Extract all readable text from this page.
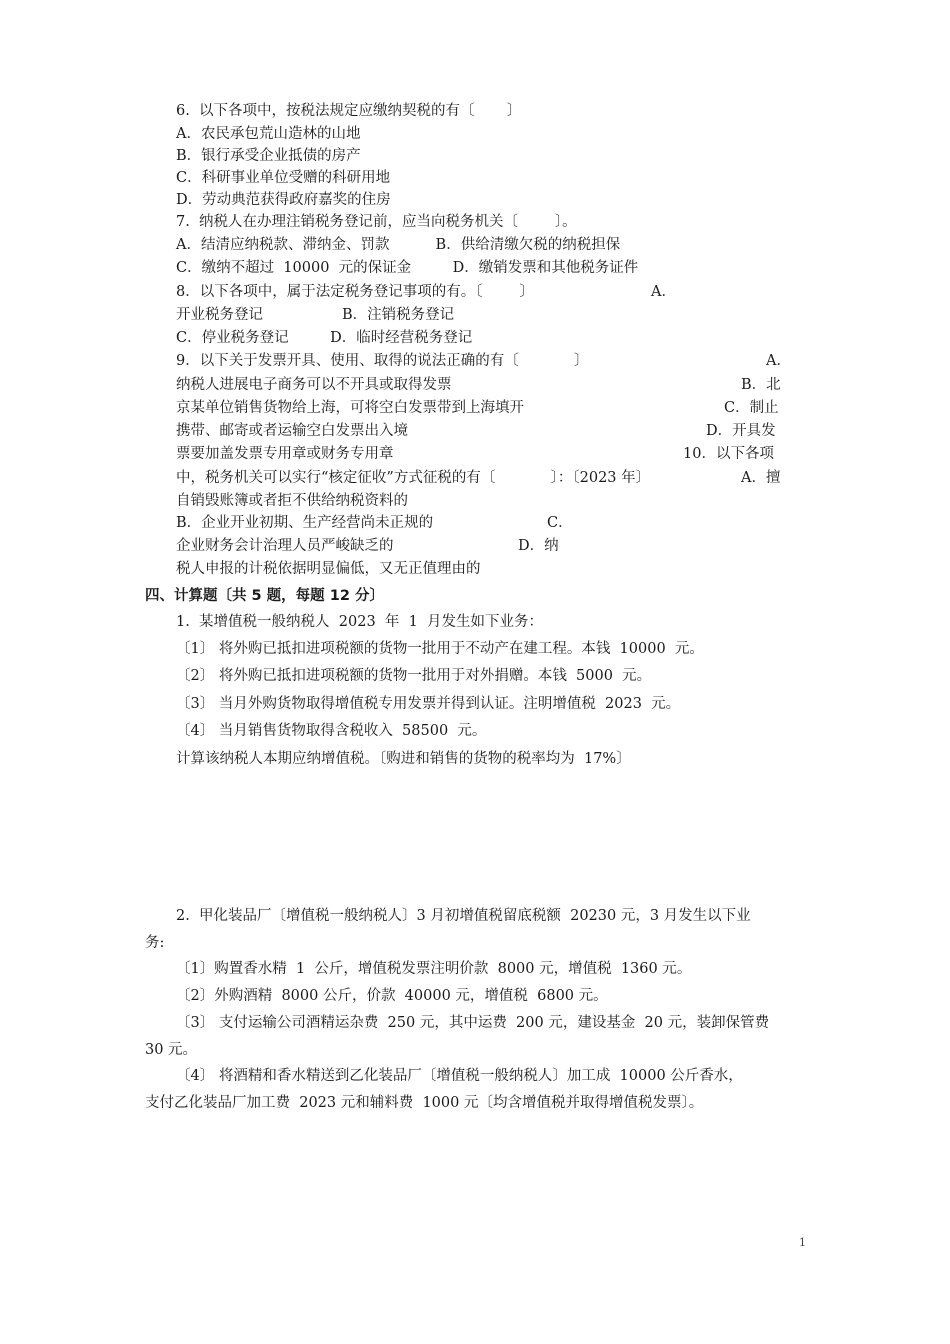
6.  以下各项中，按税法规定应缴纳契税的有〔       〕
A．农民承包荒山造林的山地
B．银行承受企业抵债的房产
C．科研事业单位受赠的科研用地
D．劳动典范获得政府嘉奖的住房
7.  纳税人在办理注销税务登记前，应当向税务机关〔        〕。
A．结清应纳税款、滞纳金、罚款          B．供给清缴欠税的纳税担保
C．缴纳不超过  10000  元的保证金         D．缴销发票和其他税务证件
8．以下各项中，属于法定税务登记事项的有。〔        〕	A．
开业税务登记	B．注销税务登记
C．停业税务登记         D．临时经营税务登记
9．以下关于发票开具、使用、取得的说法正确的有〔            〕	A．
纳税人进展电子商务可以不开具或取得发票	B．北
京某单位销售货物给上海，可将空白发票带到上海填开	C．制止
携带、邮寄或者运输空白发票出入境	D．开具发
票要加盖发票专用章或财务专用章	10．以下各项
中，税务机关可以实行“核定征收”方式征税的有〔            〕：〔2023 年〕	A．擅
自销毁账簿或者拒不供给纳税资料的
B．企业开业初期、生产经营尚未正规的	C．
企业财务会计治理人员严峻缺乏的	D．纳
税人申报的计税依据明显偏低，又无正值理由的
四、计算题〔共 5 题，每题 12 分〕
1.  某增值税一般纳税人  2023  年  1  月发生如下业务：
〔1〕 将外购已抵扣进项税额的货物一批用于不动产在建工程。本钱  10000  元。
〔2〕 将外购已抵扣进项税额的货物一批用于对外捐赠。本钱  5000  元。
〔3〕 当月外购货物取得增值税专用发票并得到认证。注明增值税  2023  元。
〔4〕 当月销售货物取得含税收入  58500  元。
计算该纳税人本期应纳增值税。〔购进和销售的货物的税率均为  17%〕
2.  甲化装品厂〔增值税一般纳税人〕3 月初增值税留底税额  20230 元，3 月发生以下业
务:
〔1〕购置香水精  1  公斤，增值税发票注明价款  8000 元，增值税  1360 元。
〔2〕外购酒精  8000 公斤，价款  40000 元，增值税  6800 元。
〔3〕 支付运输公司酒精运杂费  250 元，其中运费  200 元，建设基金  20 元，装卸保管费
30 元。
〔4〕 将酒精和香水精送到乙化装品厂〔增值税一般纳税人〕加工成  10000 公斤香水，
支付乙化装品厂加工费  2023 元和辅料费  1000 元〔均含增值税并取得增值税发票〕。
1
